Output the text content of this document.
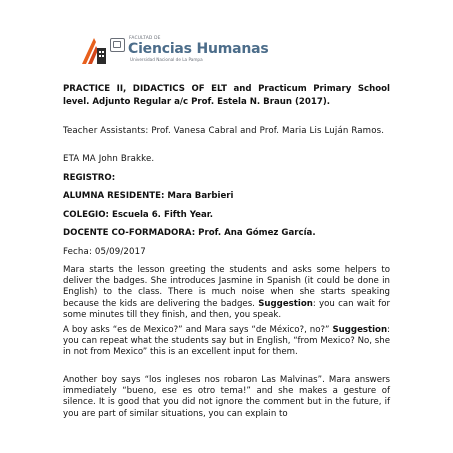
FACULTAD DE
Ciencias Humanas
Universidad Nacional de La Pampa

PRACTICE II, DIDACTICS OF ELT and Practicum Primary School level. Adjunto Regular a/c Prof. Estela N. Braun (2017).

Teacher Assistants: Prof. Vanesa Cabral and Prof. Maria Lis Luján Ramos.

ETA MA John Brakke.

REGISTRO:

ALUMNA RESIDENTE: Mara Barbieri

COLEGIO: Escuela 6. Fifth Year.

DOCENTE CO-FORMADORA: Prof. Ana Gómez García.

Fecha: 05/09/2017

Mara starts the lesson greeting the students and asks some helpers to deliver the badges. She introduces Jasmine in Spanish (it could be done in English) to the class. There is much noise when she starts speaking because the kids are delivering the badges. Suggestion: you can wait for some minutes till they finish, and then, you speak.

A boy asks “es de Mexico?” and Mara says “de México?, no?” Suggestion: you can repeat what the students say but in English, “from Mexico? No, she in not from Mexico” this is an excellent input for them.

Another boy says “los ingleses nos robaron Las Malvinas”. Mara answers immediately “bueno, ese es otro tema!” and she makes a gesture of silence. It is good that you did not ignore the comment but in the future, if you are part of similar situations, you can explain to
